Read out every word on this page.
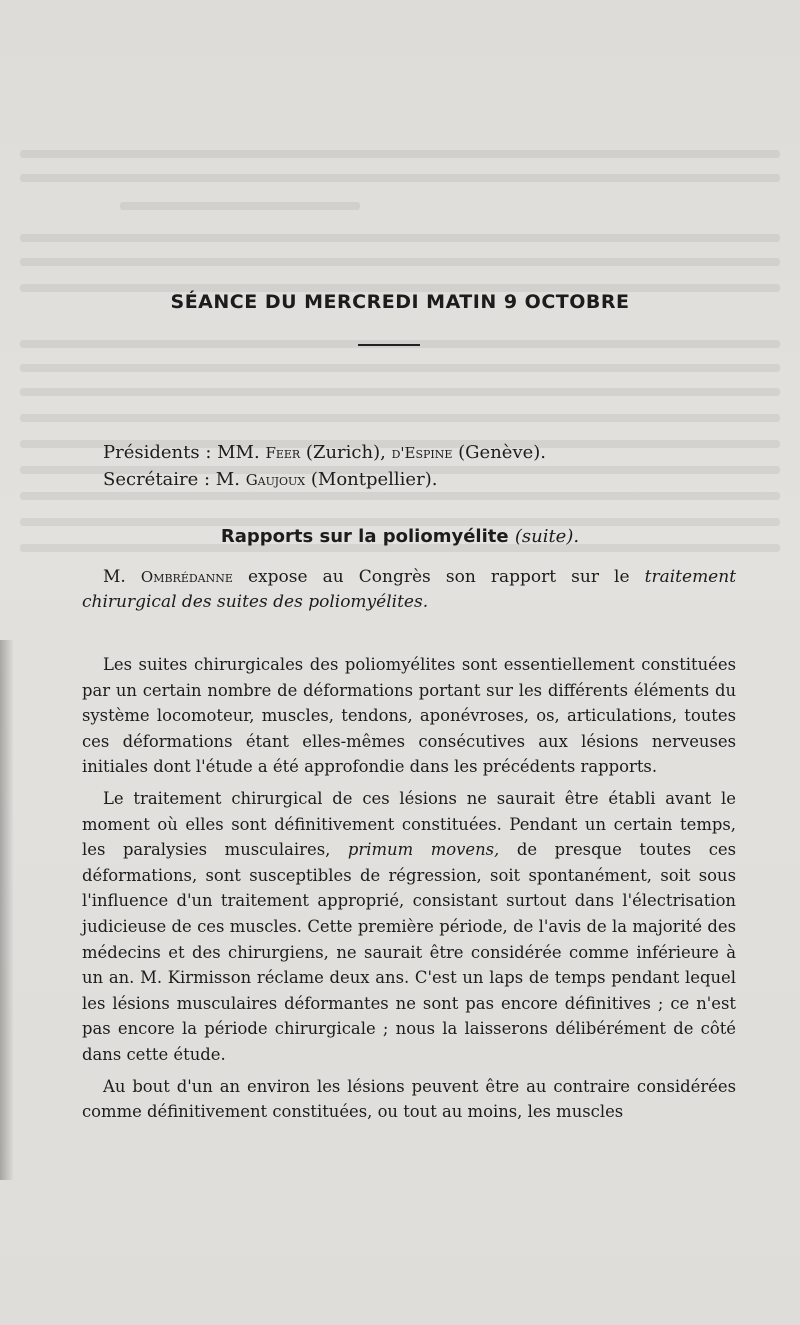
SÉANCE DU MERCREDI MATIN 9 OCTOBRE
Présidents : MM. Feer (Zurich), d'Espine (Genève).
Secrétaire : M. Gaujoux (Montpellier).
Rapports sur la poliomyélite (suite).
M. Ombrédanne expose au Congrès son rapport sur le traitement chirurgical des suites des poliomyélites.

Les suites chirurgicales des poliomyélites sont essentiellement constituées par un certain nombre de déformations portant sur les différents éléments du système locomoteur, muscles, tendons, aponévroses, os, articulations, toutes ces déformations étant elles-mêmes consécutives aux lésions nerveuses initiales dont l'étude a été approfondie dans les précédents rapports.

Le traitement chirurgical de ces lésions ne saurait être établi avant le moment où elles sont définitivement constituées. Pendant un certain temps, les paralysies musculaires, primum movens, de presque toutes ces déformations, sont susceptibles de régression, soit spontanément, soit sous l'influence d'un traitement approprié, consistant surtout dans l'électrisation judicieuse de ces muscles. Cette première période, de l'avis de la majorité des médecins et des chirurgiens, ne saurait être considérée comme inférieure à un an. M. Kirmisson réclame deux ans. C'est un laps de temps pendant lequel les lésions musculaires déformantes ne sont pas encore définitives ; ce n'est pas encore la période chirurgicale ; nous la laisserons délibérément de côté dans cette étude.

Au bout d'un an environ les lésions peuvent être au contraire considérées comme définitivement constituées, ou tout au moins, les muscles
